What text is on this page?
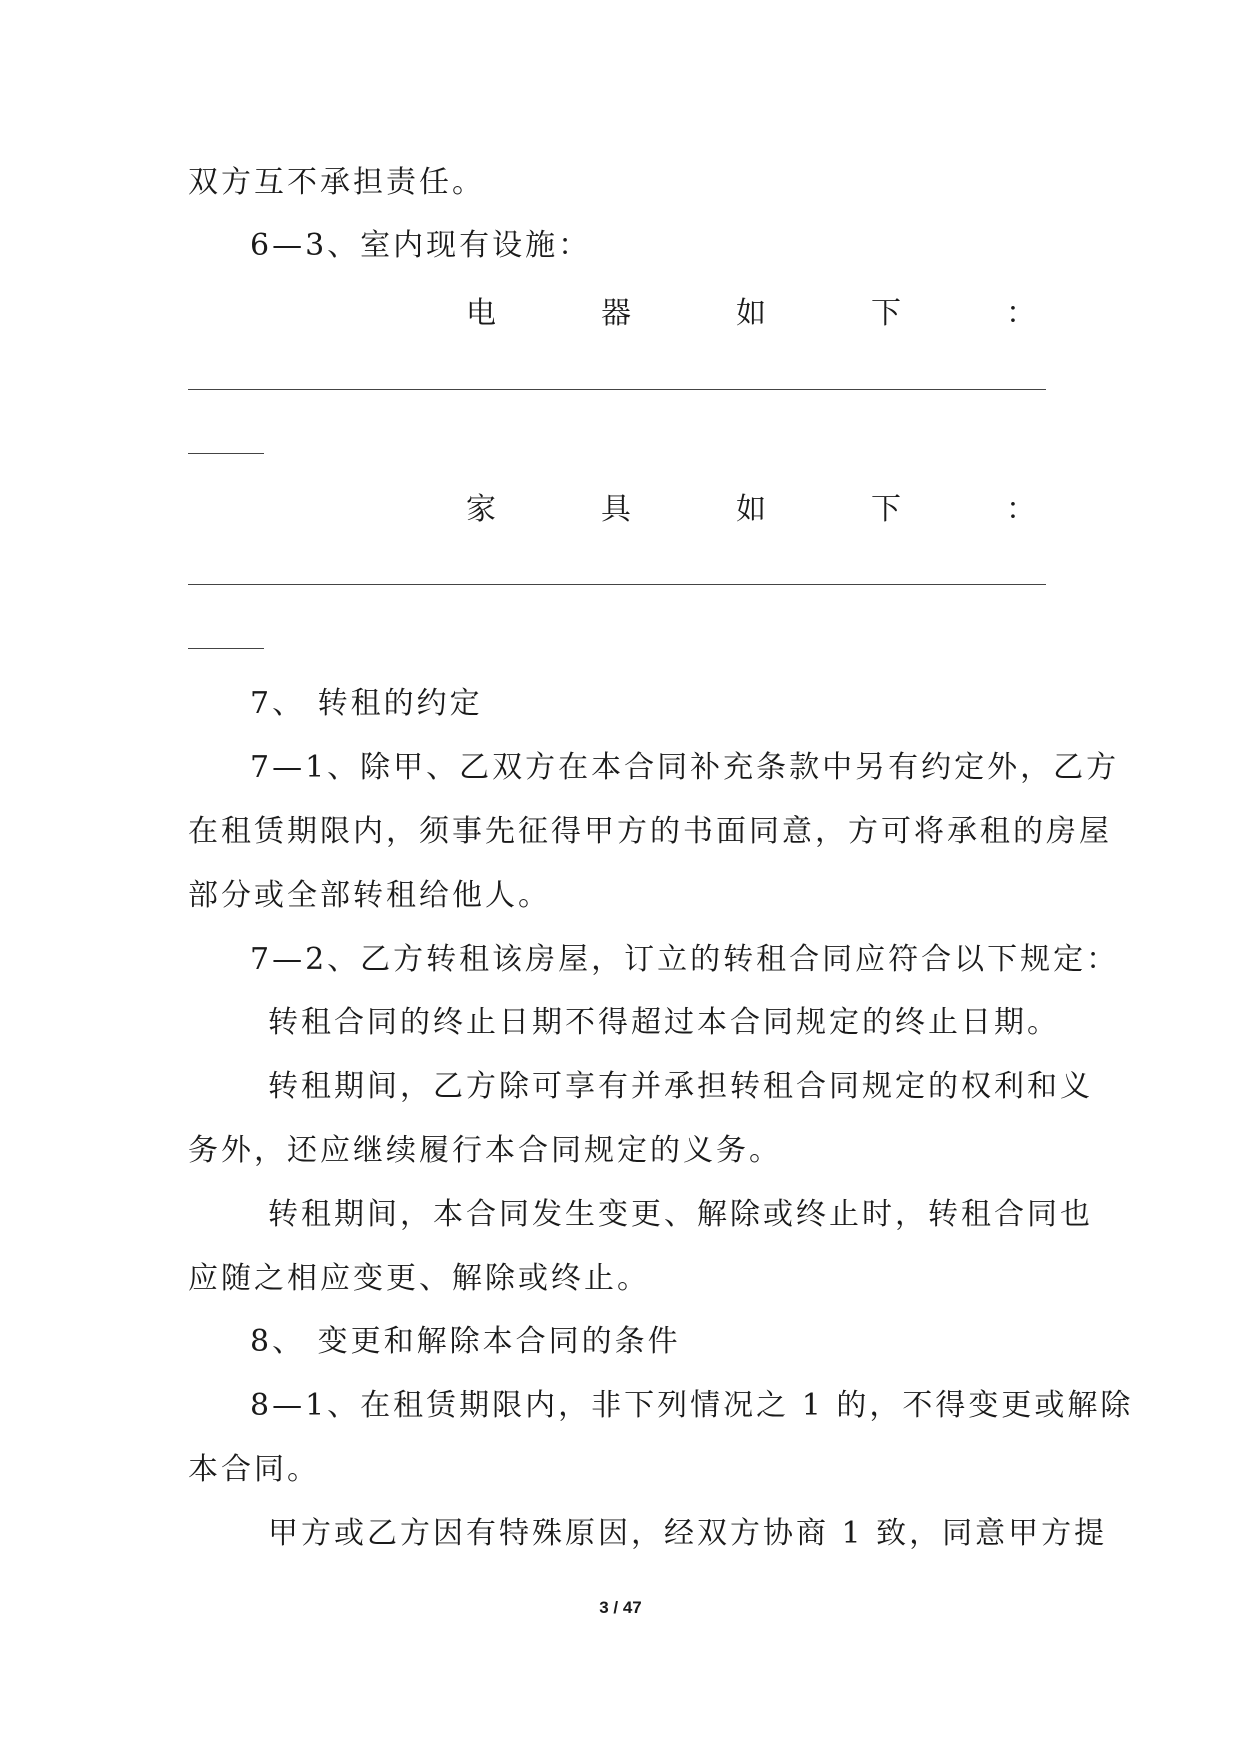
双方互不承担责任。
6—3、室内现有设施：
电	器	如	下	：
家	具	如	下	：
7、 转租的约定
7—1、除甲、乙双方在本合同补充条款中另有约定外，乙方
在租赁期限内，须事先征得甲方的书面同意，方可将承租的房屋
部分或全部转租给他人。
7—2、乙方转租该房屋，订立的转租合同应符合以下规定：
转租合同的终止日期不得超过本合同规定的终止日期。
转租期间，乙方除可享有并承担转租合同规定的权利和义
务外，还应继续履行本合同规定的义务。
转租期间，本合同发生变更、解除或终止时，转租合同也
应随之相应变更、解除或终止。
8、 变更和解除本合同的条件
8—1、在租赁期限内，非下列情况之 1 的，不得变更或解除
本合同。
甲方或乙方因有特殊原因，经双方协商 1 致，同意甲方提
3 / 47
